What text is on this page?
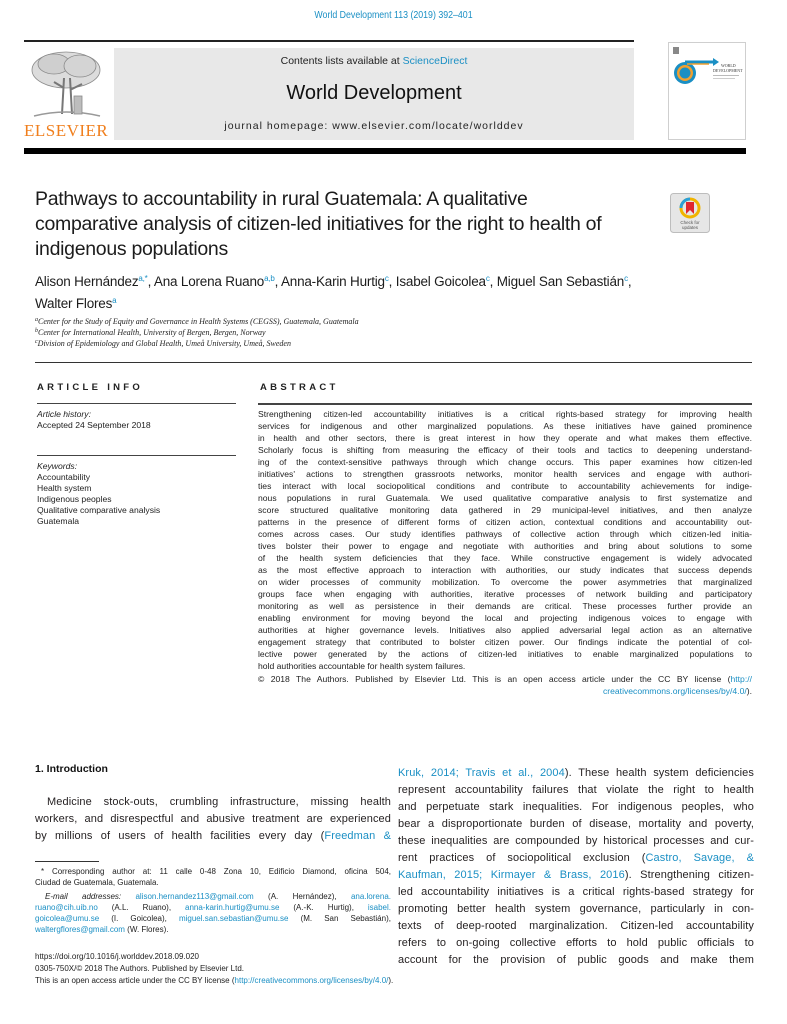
World Development 113 (2019) 392–401
ELSEVIER
Contents lists available at ScienceDirect
World Development
journal homepage: www.elsevier.com/locate/worlddev
WORLD
DEVELOPMENT
Pathways to accountability in rural Guatemala: A qualitative
comparative analysis of citizen-led initiatives for the right to health of
indigenous populations
Check for
updates
Alison Hernández$^{a,*}$, Ana Lorena Ruano$^{a,b}$, Anna-Karin Hurtig$^c$, Isabel Goicolea$^c$, Miguel San Sebastián$^c$,
Walter Flores$^a$
$^a$Center for the Study of Equity and Governance in Health Systems (CEGSS), Guatemala, Guatemala
$^b$Center for International Health, University of Bergen, Bergen, Norway
$^c$Division of Epidemiology and Global Health, Umeå University, Umeå, Sweden
ARTICLE INFO
Article history:
Accepted 24 September 2018
Keywords:
Accountability
Health system
Indigenous peoples
Qualitative comparative analysis
Guatemala
ABSTRACT
Strengthening citizen-led accountability initiatives is a critical rights-based strategy for improving health
services for indigenous and other marginalized populations. As these initiatives have gained prominence
in health and other sectors, there is great interest in how they operate and what makes them effective.
Scholarly focus is shifting from measuring the efficacy of their tools and tactics to deepening understand-
ing of the context-sensitive pathways through which change occurs. This paper examines how citizen-led
initiatives' actions to strengthen grassroots networks, monitor health services and engage with authori-
ties interact with local sociopolitical conditions and contribute to accountability achievements for indige-
nous populations in rural Guatemala. We used qualitative comparative analysis to first systematize and
score structured qualitative monitoring data gathered in 29 municipal-level initiatives, and then analyze
patterns in the presence of different forms of citizen action, contextual conditions and accountability out-
comes across cases. Our study identifies pathways of collective action through which citizen-led initia-
tives bolster their power to engage and negotiate with authorities and bring about solutions to some
of the health system deficiencies that they face. While constructive engagement is widely advocated
as the most effective approach to interaction with authorities, our study indicates that success depends
on wider processes of community mobilization. To overcome the power asymmetries that marginalized
groups face when engaging with authorities, iterative processes of network building and participatory
monitoring as well as persistence in their demands are critical. These processes further provide an
enabling environment for moving beyond the local and projecting indigenous voices to engage with
authorities at higher governance levels. Initiatives also applied adversarial legal action as an alternative
engagement strategy that contributed to bolster citizen power. Our findings indicate the potential of col-
lective power generated by the actions of citizen-led initiatives to enable marginalized populations to
hold authorities accountable for health system failures.
© 2018 The Authors. Published by Elsevier Ltd. This is an open access article under the CC BY license (http://
creativecommons.org/licenses/by/4.0/).
1. Introduction
Medicine stock-outs, crumbling infrastructure, missing health
workers, and disrespectful and abusive treatment are experienced
by millions of users of health facilities every day (Freedman &
Kruk, 2014; Travis et al., 2004). These health system deficiencies
represent accountability failures that violate the right to health
and perpetuate stark inequalities. For indigenous peoples, who
bear a disproportionate burden of disease, mortality and poverty,
these inequalities are compounded by historical processes and cur-
rent practices of sociopolitical exclusion (Castro, Savage, &
Kaufman, 2015; Kirmayer & Brass, 2016). Strengthening citizen-
led accountability initiatives is a critical rights-based strategy for
promoting better health system governance, particularly in con-
texts of deep-rooted marginalization. Citizen-led accountability
refers to on-going collective efforts to hold public officials to
account for the provision of public goods and make them
* Corresponding author at: 11 calle 0-48 Zona 10, Edificio Diamond, oficina 504,
Ciudad de Guatemala, Guatemala.
E-mail addresses: alison.hernandez113@gmail.com (A. Hernández), ana.lorena.
ruano@cih.uib.no (A.L. Ruano), anna-karin.hurtig@umu.se (A.-K. Hurtig), isabel.
goicolea@umu.se (I. Goicolea), miguel.san.sebastian@umu.se (M. San Sebastián),
waltergflores@gmail.com (W. Flores).
https://doi.org/10.1016/j.worlddev.2018.09.020
0305-750X/© 2018 The Authors. Published by Elsevier Ltd.
This is an open access article under the CC BY license (http://creativecommons.org/licenses/by/4.0/).
